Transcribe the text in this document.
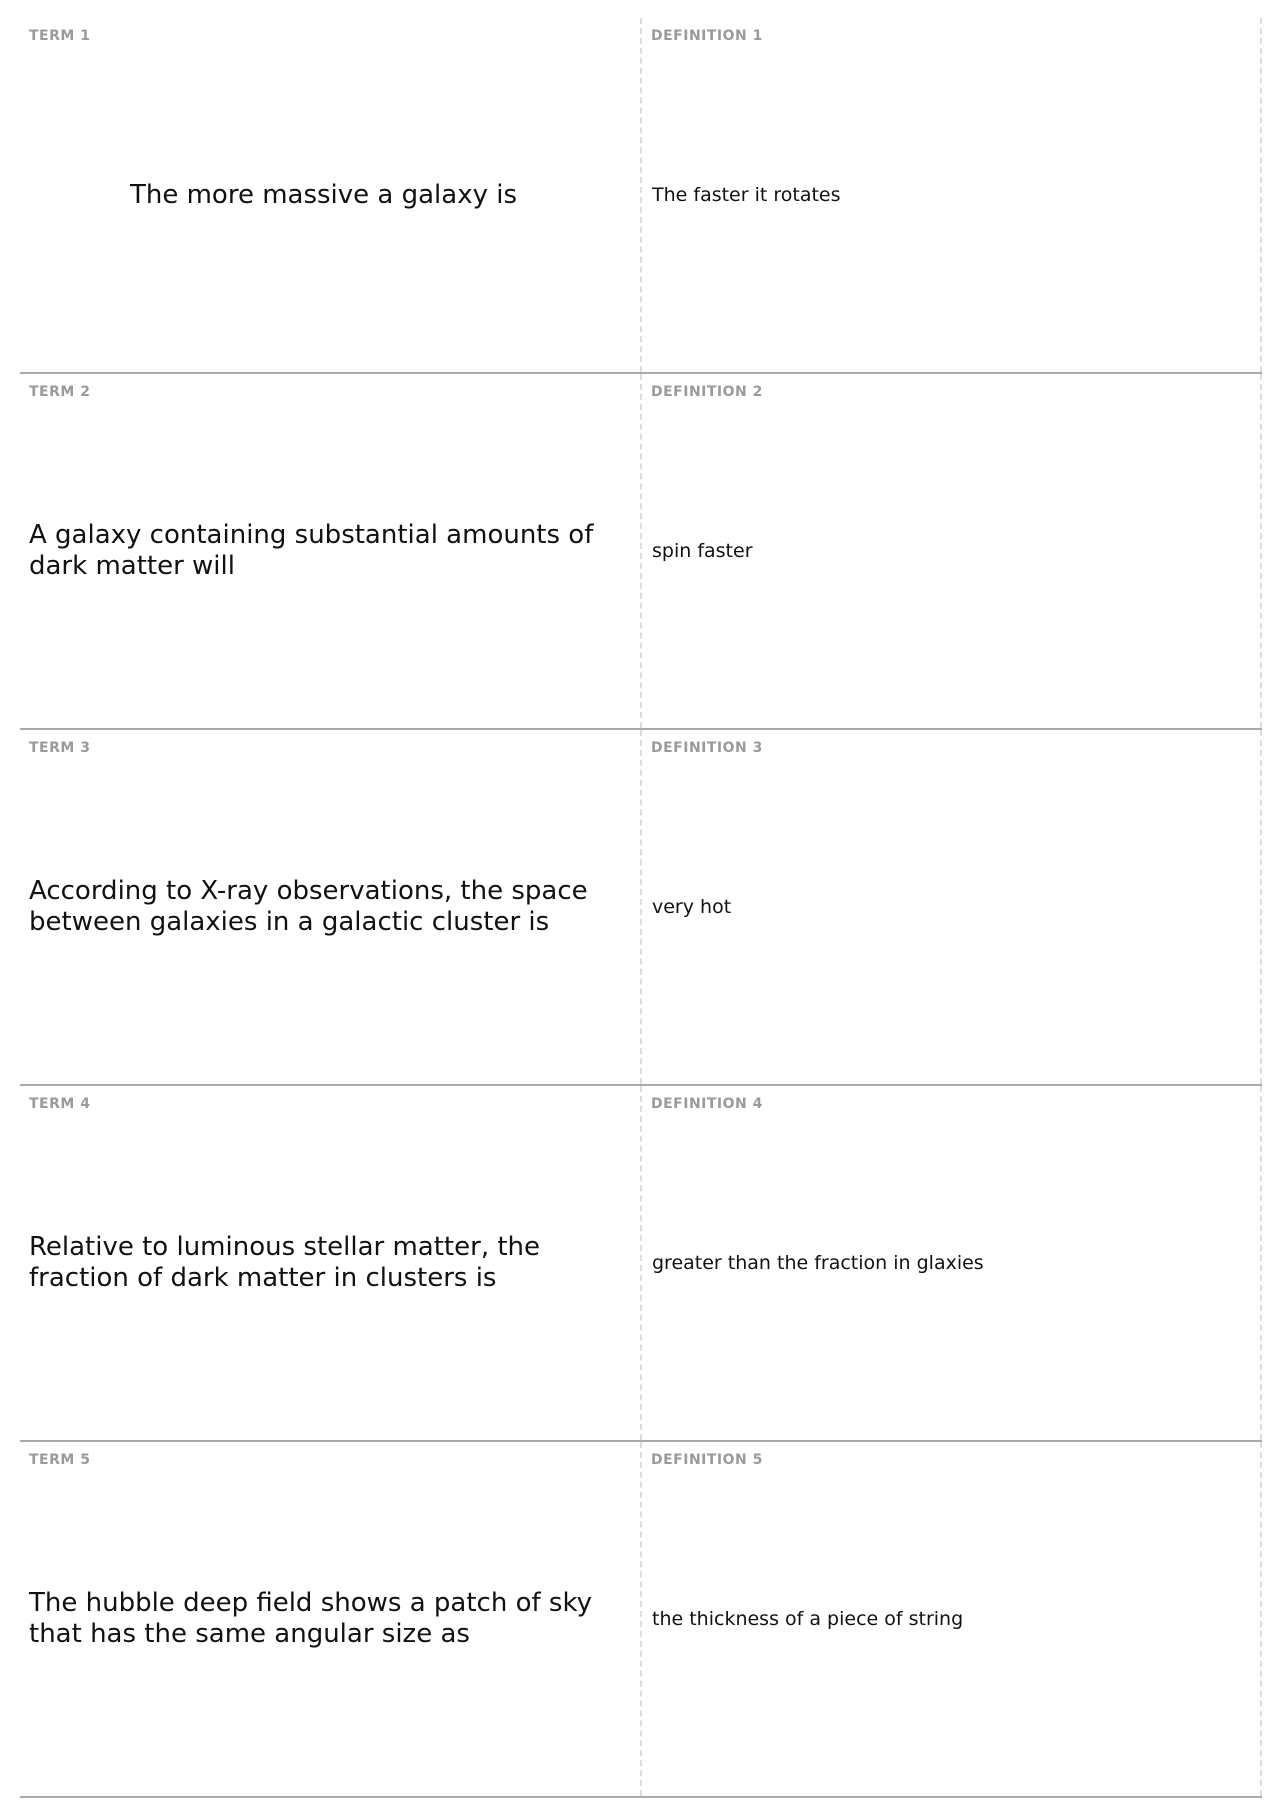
TERM 1
The more massive a galaxy is
DEFINITION 1
The faster it rotates
TERM 2
A galaxy containing substantial amounts of dark matter will
DEFINITION 2
spin faster
TERM 3
According to X-ray observations, the space between galaxies in a galactic cluster is
DEFINITION 3
very hot
TERM 4
Relative to luminous stellar matter, the fraction of dark matter in clusters is
DEFINITION 4
greater than the fraction in glaxies
TERM 5
The hubble deep field shows a patch of sky that has the same angular size as
DEFINITION 5
the thickness of a piece of string
